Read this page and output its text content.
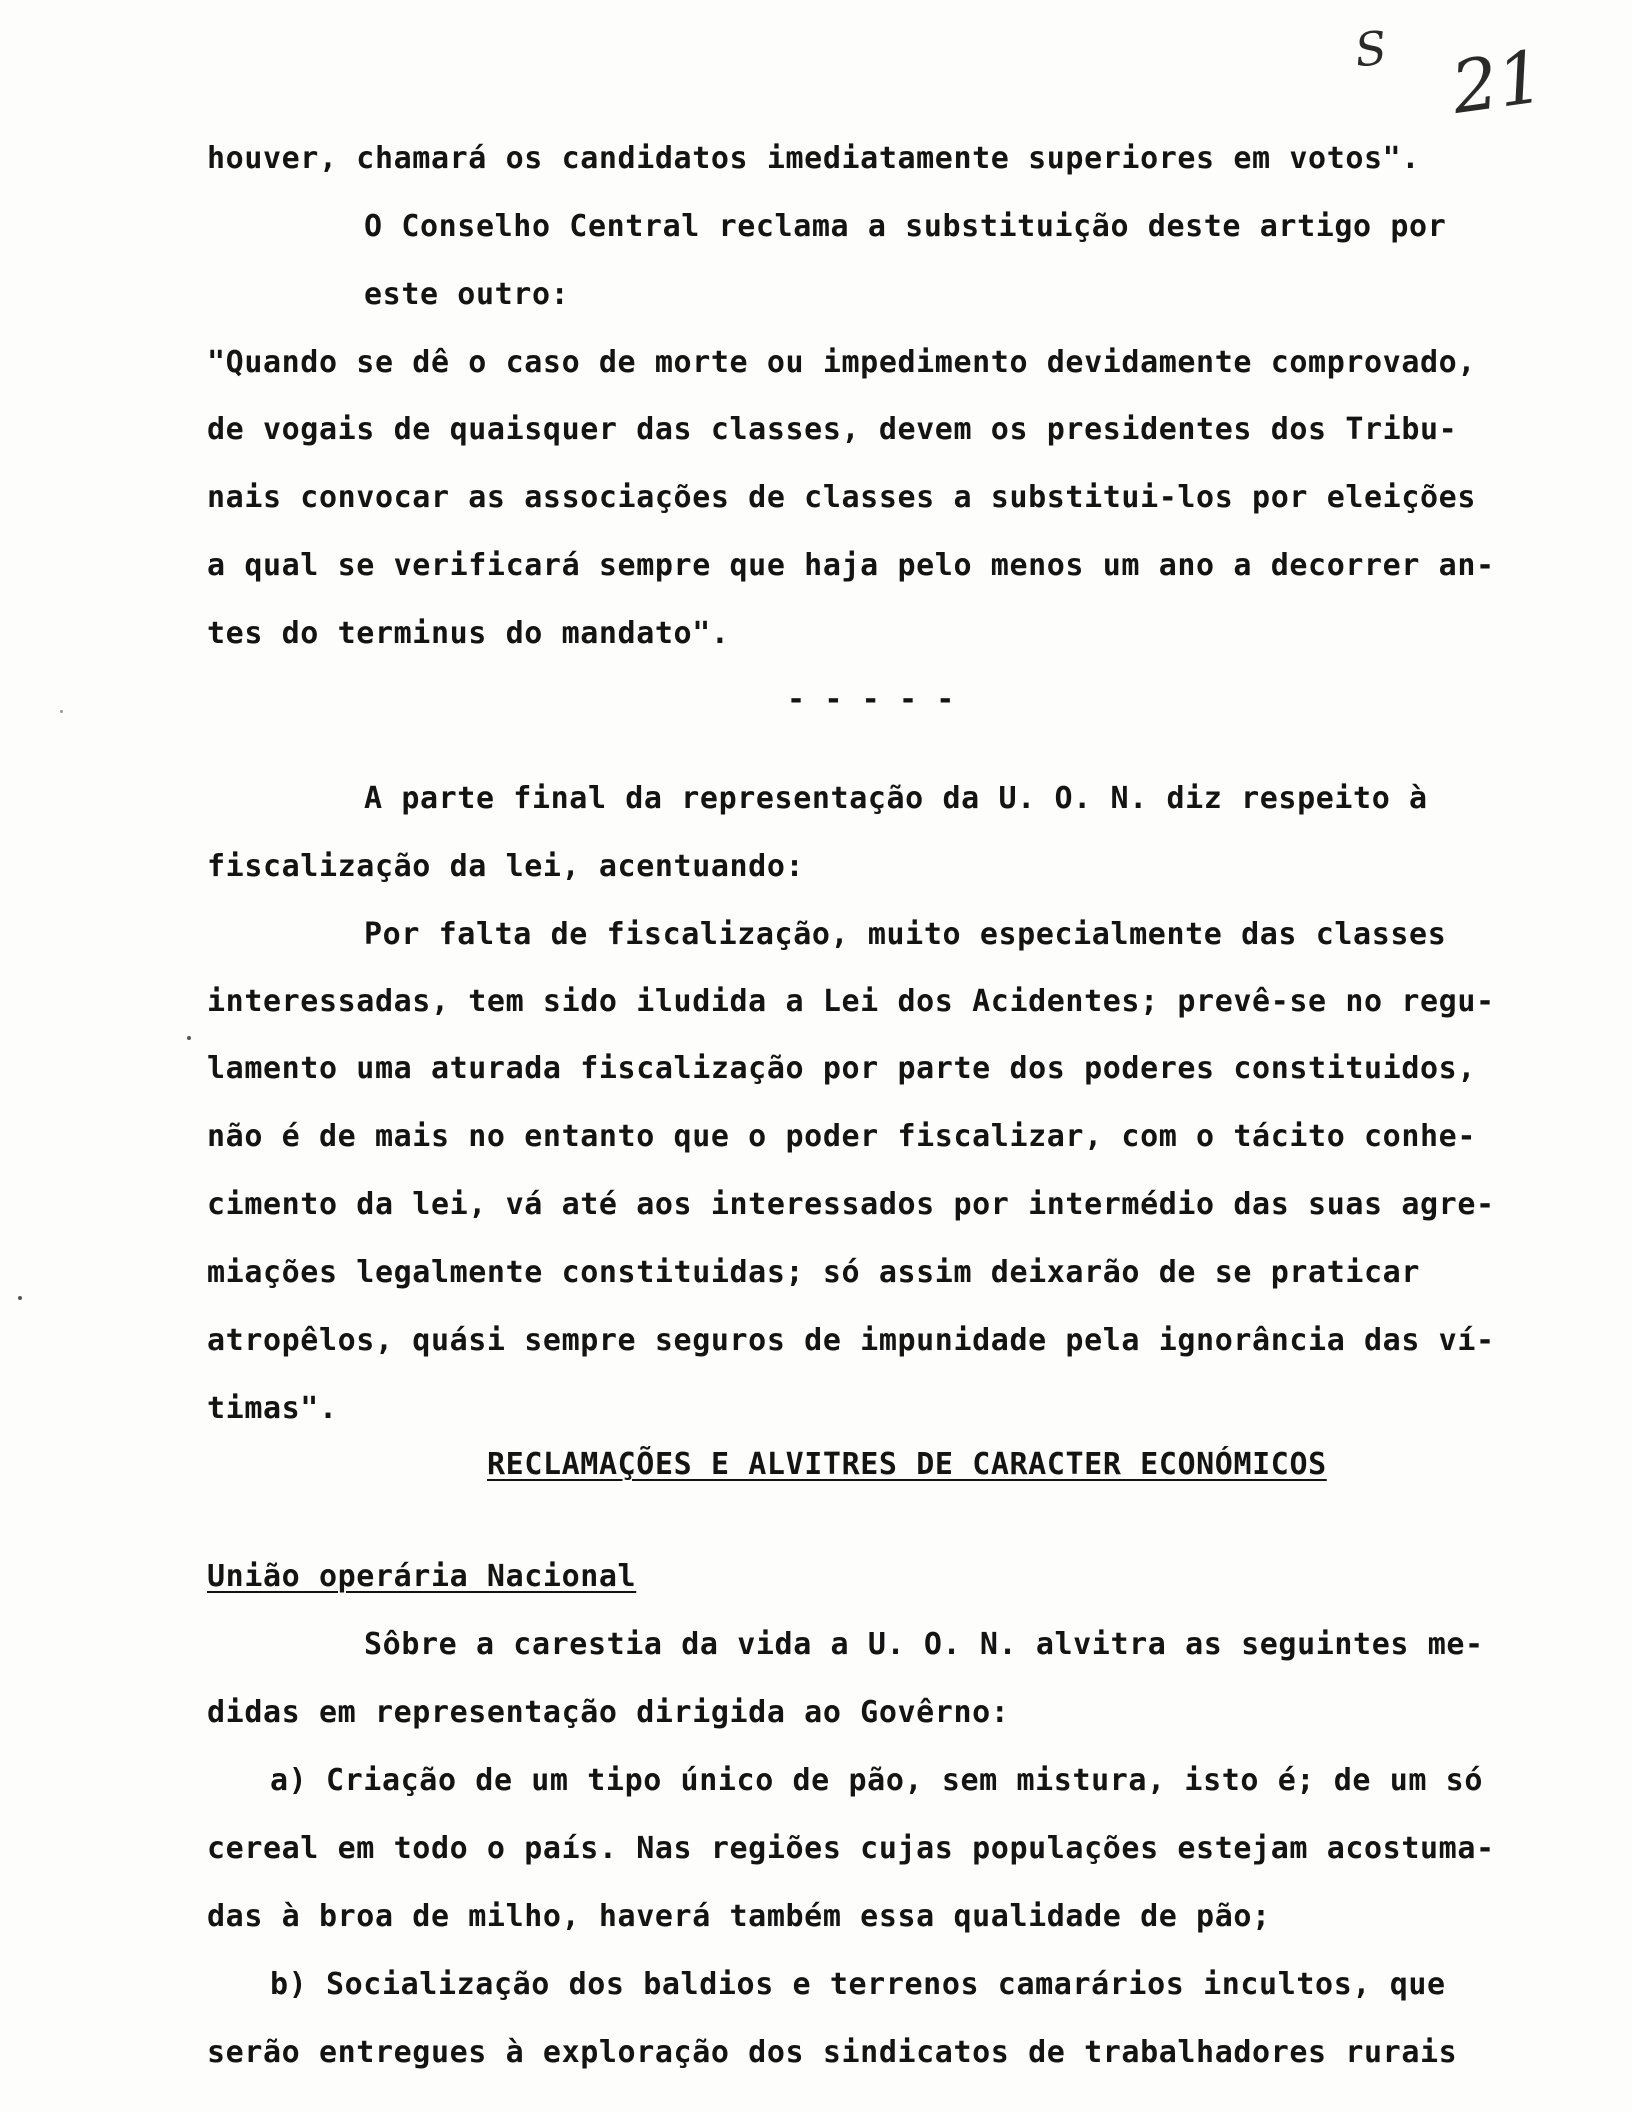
S 21
houver, chamará os candidatos imediatamente superiores em votos".
O Conselho Central reclama a substituição deste artigo por
este outro:
"Quando se dê o caso de morte ou impedimento devidamente comprovado,
de vogais de quaisquer das classes, devem os presidentes dos Tribu-
nais convocar as associações de classes a substitui-los por eleições
a qual se verificará sempre que haja pelo menos um ano a decorrer an-
tes do terminus do mandato".
- - - - -
A parte final da representação da U. O. N. diz respeito à
fiscalização da lei, acentuando:
Por falta de fiscalização, muito especialmente das classes
interessadas, tem sido iludida a Lei dos Acidentes; prevê-se no regu-
lamento uma aturada fiscalização por parte dos poderes constituidos,
não é de mais no entanto que o poder fiscalizar, com o tácito conhe-
cimento da lei, vá até aos interessados por intermédio das suas agre-
miações legalmente constituidas; só assim deixarão de se praticar
atropêlos, quási sempre seguros de impunidade pela ignorância das ví-
timas".
RECLAMAÇÕES E ALVITRES DE CARACTER ECONÓMICOS
União operária Nacional
Sôbre a carestia da vida a U. O. N. alvitra as seguintes me-
didas em representação dirigida ao Govêrno:
a) Criação de um tipo único de pão, sem mistura, isto é; de um só
cereal em todo o país. Nas regiões cujas populações estejam acostuma-
das à broa de milho, haverá também essa qualidade de pão;
b) Socialização dos baldios e terrenos camarários incultos, que
serão entregues à exploração dos sindicatos de trabalhadores rurais
